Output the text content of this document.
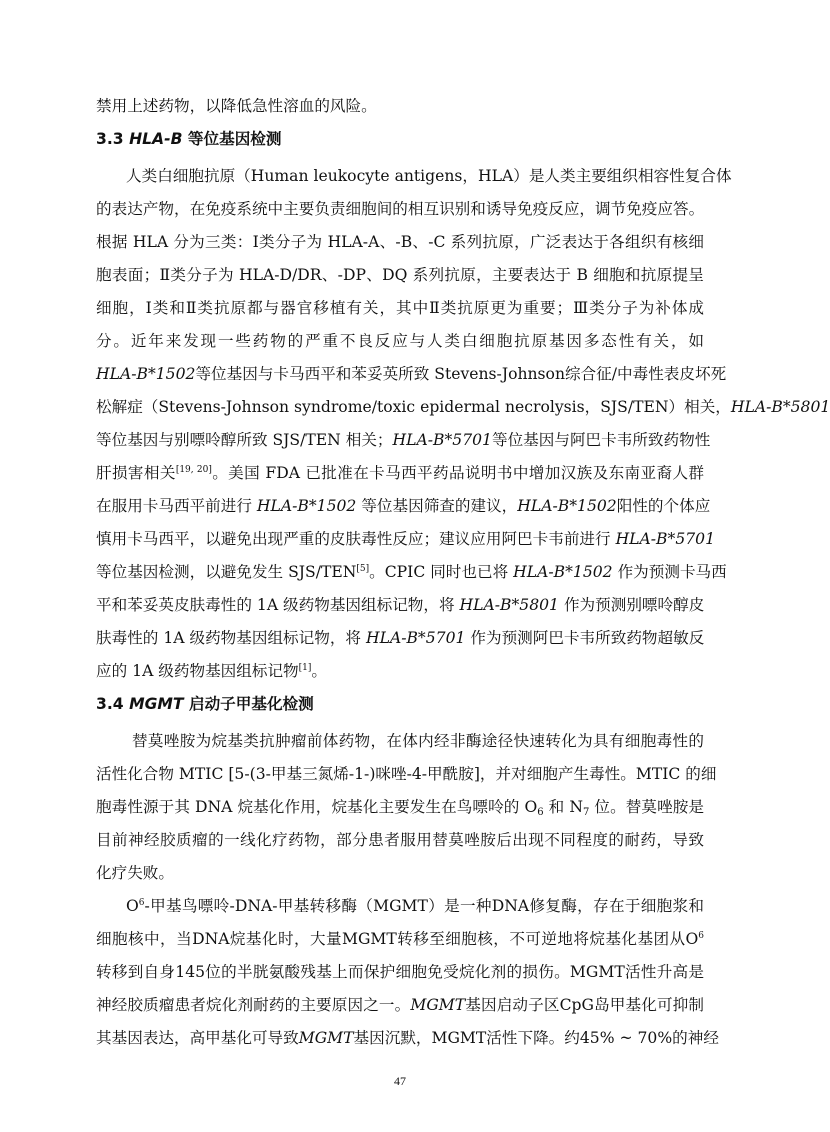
禁用上述药物，以降低急性溶血的风险。
3.3 HLA-B 等位基因检测
人类白细胞抗原（Human leukocyte antigens，HLA）是人类主要组织相容性复合体
的表达产物，在免疫系统中主要负责细胞间的相互识别和诱导免疫反应，调节免疫应答。
根据 HLA 分为三类：Ⅰ类分子为 HLA-A、-B、-C 系列抗原，广泛表达于各组织有核细
胞表面；Ⅱ类分子为 HLA-D/DR、-DP、DQ 系列抗原，主要表达于 B 细胞和抗原提呈
细胞，Ⅰ类和Ⅱ类抗原都与器官移植有关，其中Ⅱ类抗原更为重要；Ⅲ类分子为补体成
分。近年来发现一些药物的严重不良反应与人类白细胞抗原基因多态性有关，如
HLA-B*1502等位基因与卡马西平和苯妥英所致 Stevens-Johnson综合征/中毒性表皮坏死
松解症（Stevens-Johnson syndrome/toxic epidermal necrolysis，SJS/TEN）相关，HLA-B*5801
等位基因与别嘌呤醇所致 SJS/TEN 相关；HLA-B*5701等位基因与阿巴卡韦所致药物性
肝损害相关[19, 20]。美国 FDA 已批准在卡马西平药品说明书中增加汉族及东南亚裔人群
在服用卡马西平前进行 HLA-B*1502 等位基因筛查的建议，HLA-B*1502阳性的个体应
慎用卡马西平，以避免出现严重的皮肤毒性反应；建议应用阿巴卡韦前进行 HLA-B*5701
等位基因检测，以避免发生 SJS/TEN[5]。CPIC 同时也已将 HLA-B*1502 作为预测卡马西
平和苯妥英皮肤毒性的 1A 级药物基因组标记物，将 HLA-B*5801 作为预测别嘌呤醇皮
肤毒性的 1A 级药物基因组标记物，将 HLA-B*5701 作为预测阿巴卡韦所致药物超敏反
应的 1A 级药物基因组标记物[1]。
3.4 MGMT 启动子甲基化检测
替莫唑胺为烷基类抗肿瘤前体药物，在体内经非酶途径快速转化为具有细胞毒性的
活性化合物 MTIC [5-(3-甲基三氮烯-1-)咪唑-4-甲酰胺]，并对细胞产生毒性。MTIC 的细
胞毒性源于其 DNA 烷基化作用，烷基化主要发生在鸟嘌呤的 $O_6$ 和 $N_7$ 位。替莫唑胺是
目前神经胶质瘤的一线化疗药物，部分患者服用替莫唑胺后出现不同程度的耐药，导致
化疗失败。
$O^6-$甲基鸟嘌呤-DNA-甲基转移酶（MGMT）是一种DNA修复酶，存在于细胞浆和
细胞核中，当DNA烷基化时，大量MGMT转移至细胞核，不可逆地将烷基化基团从$O^6$
转移到自身145位的半胱氨酸残基上而保护细胞免受烷化剂的损伤。MGMT活性升高是
神经胶质瘤患者烷化剂耐药的主要原因之一。MGMT基因启动子区CpG岛甲基化可抑制
其基因表达，高甲基化可导致MGMT基因沉默，MGMT活性下降。约45% ~ 70%的神经
47
